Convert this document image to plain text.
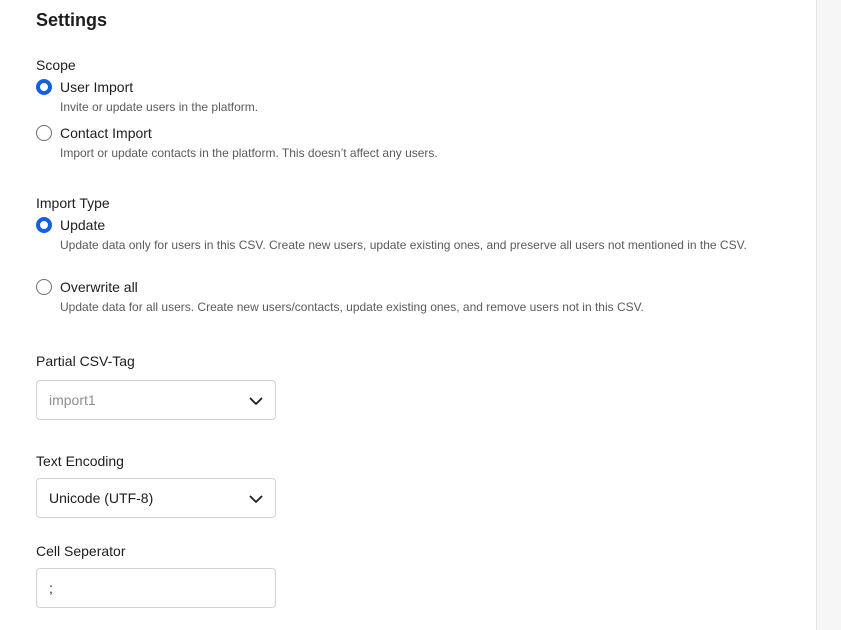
Settings
Scope
User Import
Invite or update users in the platform.
Contact Import
Import or update contacts in the platform. This doesn’t affect any users.
Import Type
Update
Update data only for users in this CSV. Create new users, update existing ones, and preserve all users not mentioned in the CSV.
Overwrite all
Update data for all users. Create new users/contacts, update existing ones, and remove users not in this CSV.
Partial CSV-Tag
import1
Text Encoding
Unicode (UTF-8)
Cell Seperator
;
